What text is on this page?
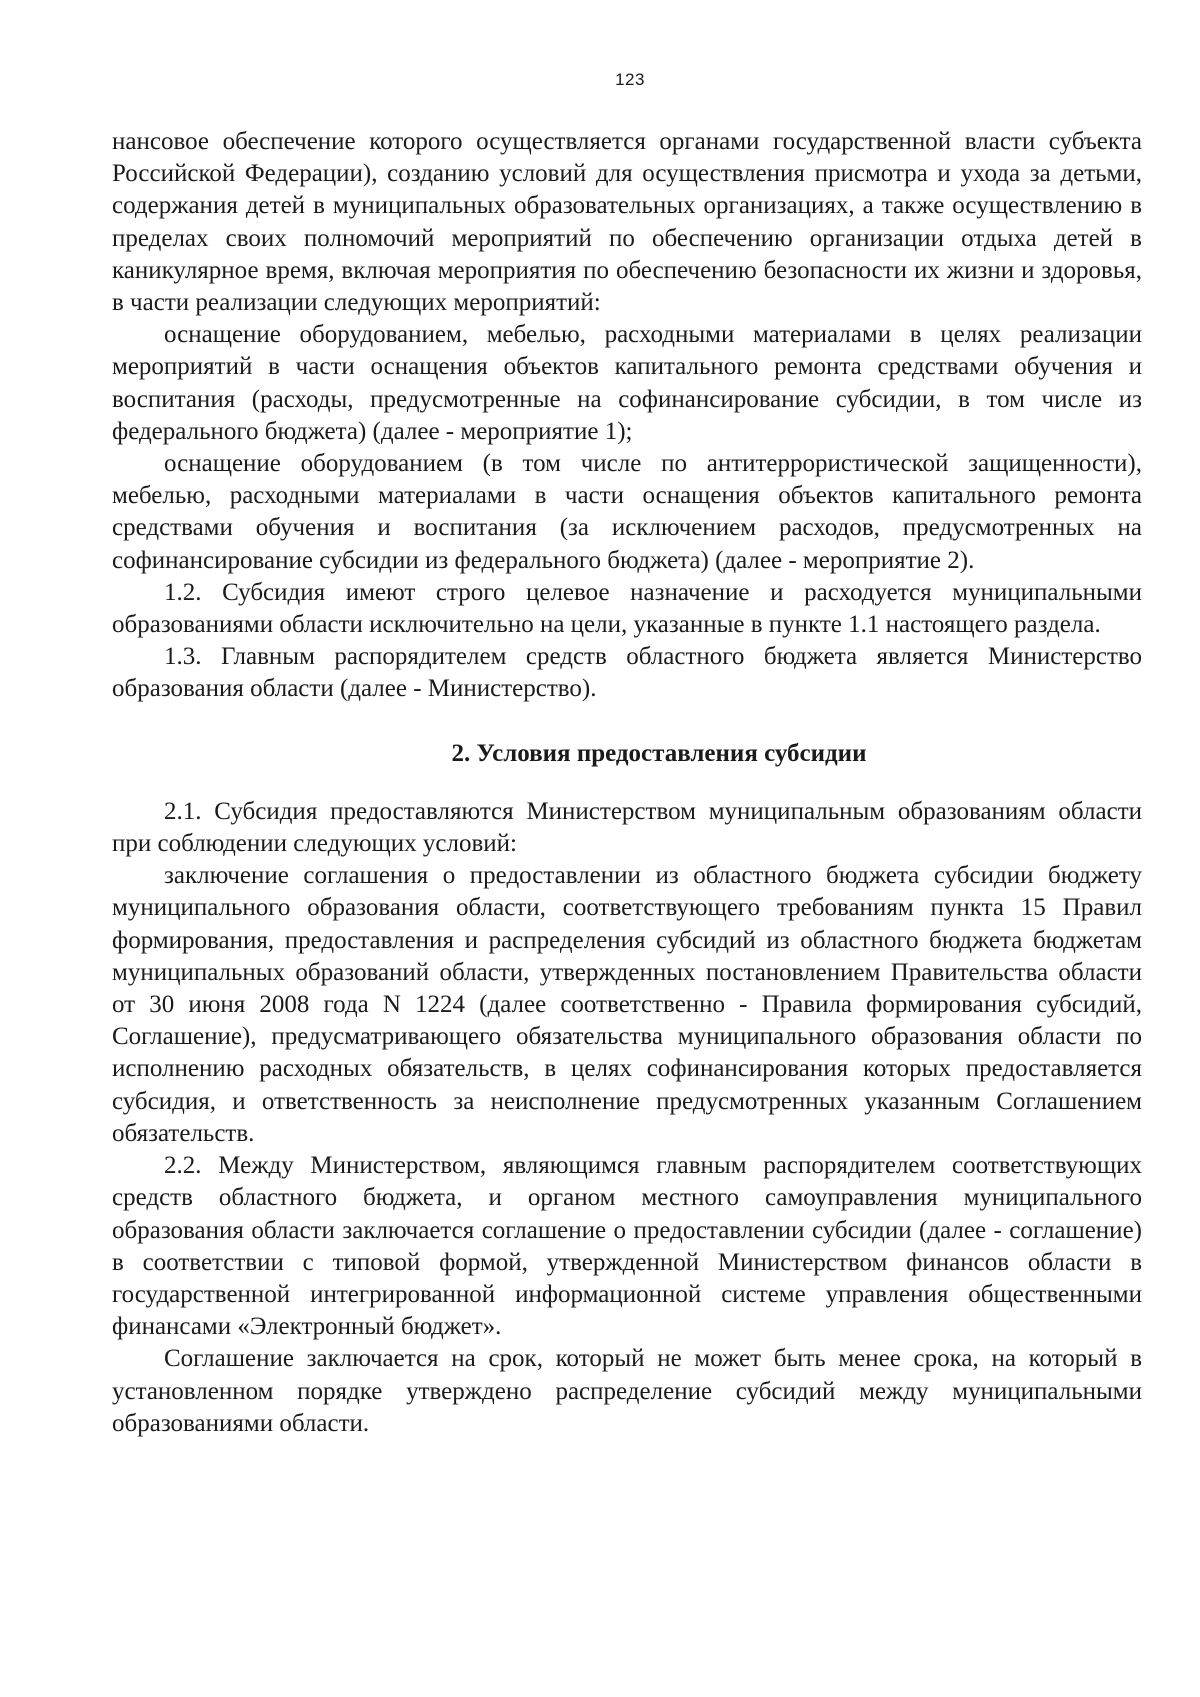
123

нансовое обеспечение которого осуществляется органами государственной власти субъекта Российской Федерации), созданию условий для осуществления присмотра и ухода за детьми, содержания детей в муниципальных образовательных организациях, а также осуществлению в пределах своих полномочий мероприятий по обеспечению организации отдыха детей в каникулярное время, включая мероприятия по обеспечению безопасности их жизни и здоровья, в части реализации следующих мероприятий:

оснащение оборудованием, мебелью, расходными материалами в целях реализации мероприятий в части оснащения объектов капитального ремонта средствами обучения и воспитания (расходы, предусмотренные на софинансирование субсидии, в том числе из федерального бюджета) (далее - мероприятие 1);

оснащение оборудованием (в том числе по антитеррористической защищенности), мебелью, расходными материалами в части оснащения объектов капитального ремонта средствами обучения и воспитания (за исключением расходов, предусмотренных на софинансирование субсидии из федерального бюджета) (далее - мероприятие 2).

1.2. Субсидия имеют строго целевое назначение и расходуется муниципальными образованиями области исключительно на цели, указанные в пункте 1.1 настоящего раздела.

1.3. Главным распорядителем средств областного бюджета является Министерство образования области (далее - Министерство).

2. Условия предоставления субсидии

2.1. Субсидия предоставляются Министерством муниципальным образованиям области при соблюдении следующих условий:

заключение соглашения о предоставлении из областного бюджета субсидии бюджету муниципального образования области, соответствующего требованиям пункта 15 Правил формирования, предоставления и распределения субсидий из областного бюджета бюджетам муниципальных образований области, утвержденных постановлением Правительства области от 30 июня 2008 года N 1224 (далее соответственно - Правила формирования субсидий, Соглашение), предусматривающего обязательства муниципального образования области по исполнению расходных обязательств, в целях софинансирования которых предоставляется субсидия, и ответственность за неисполнение предусмотренных указанным Соглашением обязательств.

2.2. Между Министерством, являющимся главным распорядителем соответствующих средств областного бюджета, и органом местного самоуправления муниципального образования области заключается соглашение о предоставлении субсидии (далее - соглашение) в соответствии с типовой формой, утвержденной Министерством финансов области в государственной интегрированной информационной системе управления общественными финансами «Электронный бюджет».

Соглашение заключается на срок, который не может быть менее срока, на который в установленном порядке утверждено распределение субсидий между муниципальными образованиями области.
